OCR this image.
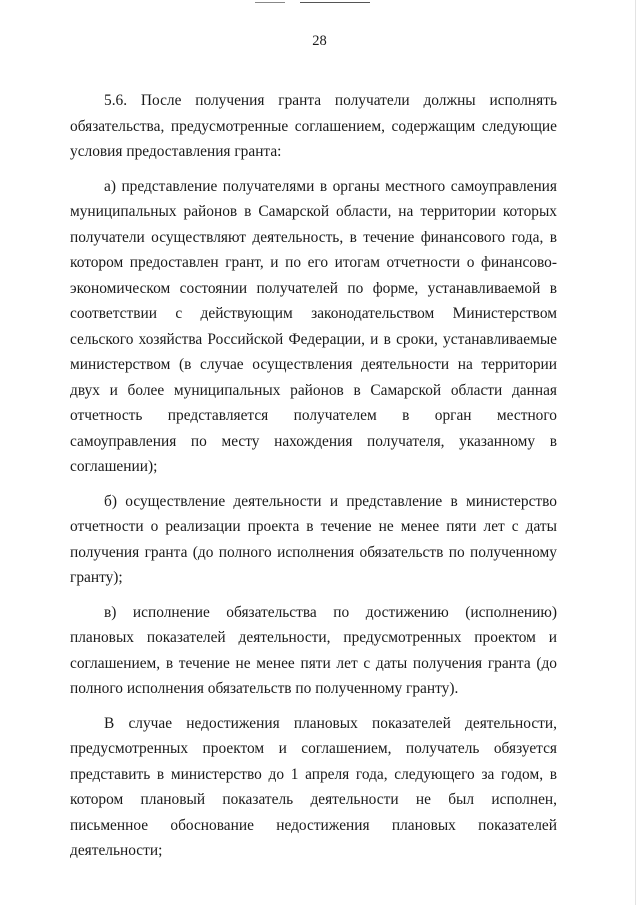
28

5.6. После получения гранта получатели должны исполнять обязательства, предусмотренные соглашением, содержащим следующие условия предоставления гранта:

а) представление получателями в органы местного самоуправления муниципальных районов в Самарской области, на территории которых получатели осуществляют деятельность, в течение финансового года, в котором предоставлен грант, и по его итогам отчетности о финансово-экономическом состоянии получателей по форме, устанавливаемой в соответствии с действующим законодательством Министерством сельского хозяйства Российской Федерации, и в сроки, устанавливаемые министерством (в случае осуществления деятельности на территории двух и более муниципальных районов в Самарской области данная отчетность представляется получателем в орган местного самоуправления по месту нахождения получателя, указанному в соглашении);

б) осуществление деятельности и представление в министерство отчетности о реализации проекта в течение не менее пяти лет с даты получения гранта (до полного исполнения обязательств по полученному гранту);

в) исполнение обязательства по достижению (исполнению) плановых показателей деятельности, предусмотренных проектом и соглашением, в течение не менее пяти лет с даты получения гранта (до полного исполнения обязательств по полученному гранту).

В случае недостижения плановых показателей деятельности, предусмотренных проектом и соглашением, получатель обязуется представить в министерство до 1 апреля года, следующего за годом, в котором плановый показатель деятельности не был исполнен, письменное обоснование недостижения плановых показателей деятельности;
